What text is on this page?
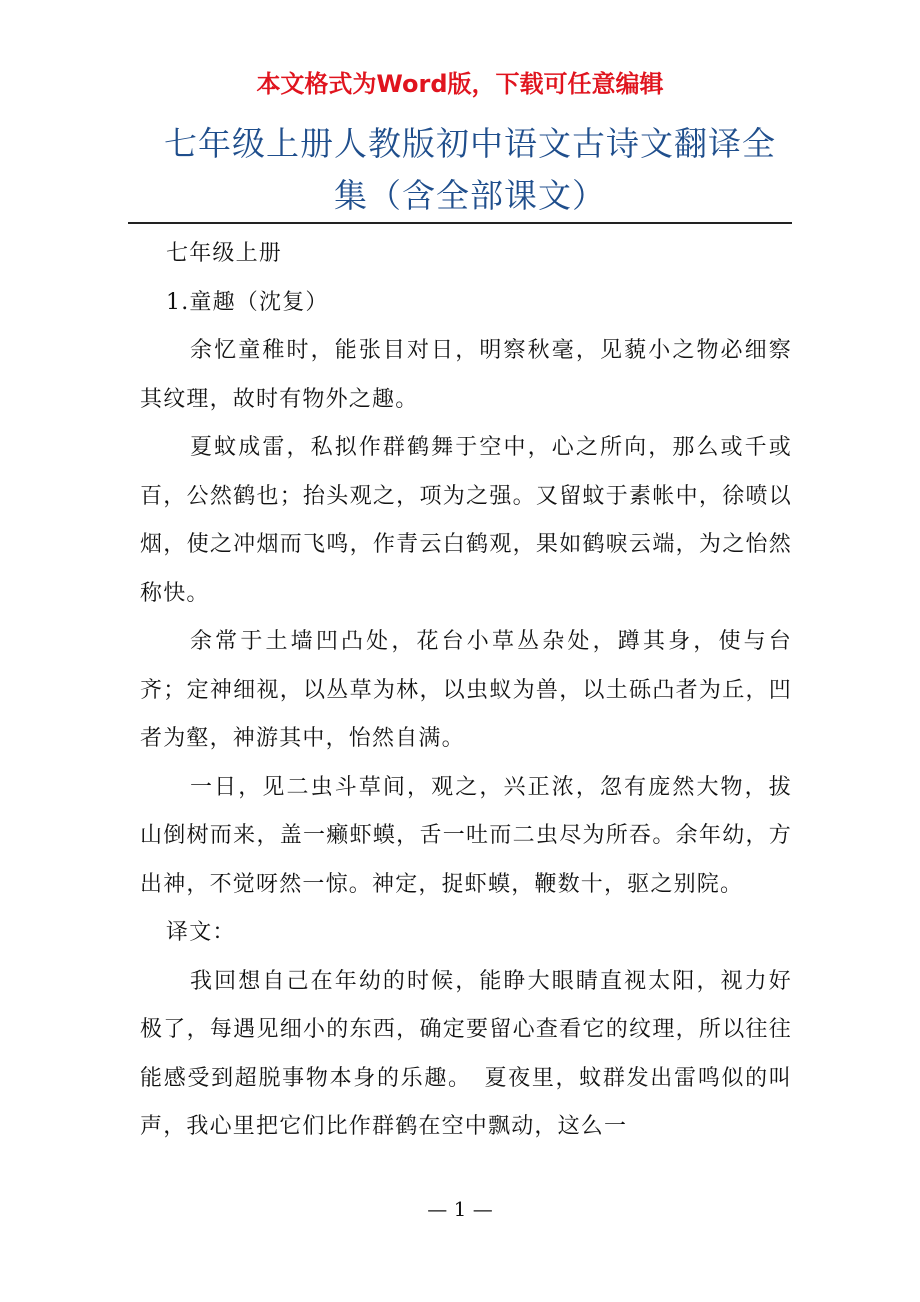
本文格式为Word版，下载可任意编辑
七年级上册人教版初中语文古诗文翻译全
集（含全部课文）

七年级上册

1.童趣（沈复）

余忆童稚时，能张目对日，明察秋毫，见藐小之物必细察其纹理，故时有物外之趣。

夏蚊成雷，私拟作群鹤舞于空中，心之所向，那么或千或百，公然鹤也；抬头观之，项为之强。又留蚊于素帐中，徐喷以烟，使之冲烟而飞鸣，作青云白鹤观，果如鹤唳云端，为之怡然称快。

余常于土墙凹凸处，花台小草丛杂处，蹲其身，使与台齐；定神细视，以丛草为林，以虫蚁为兽，以土砾凸者为丘，凹者为壑，神游其中，怡然自满。

一日，见二虫斗草间，观之，兴正浓，忽有庞然大物，拔山倒树而来，盖一癞虾蟆，舌一吐而二虫尽为所吞。余年幼，方出神，不觉呀然一惊。神定，捉虾蟆，鞭数十，驱之别院。

译文：

我回想自己在年幼的时候，能睁大眼睛直视太阳，视力好极了，每遇见细小的东西，确定要留心查看它的纹理，所以往往能感受到超脱事物本身的乐趣。　夏夜里，蚊群发出雷鸣似的叫声，我心里把它们比作群鹤在空中飘动，这么一

— 1 —
